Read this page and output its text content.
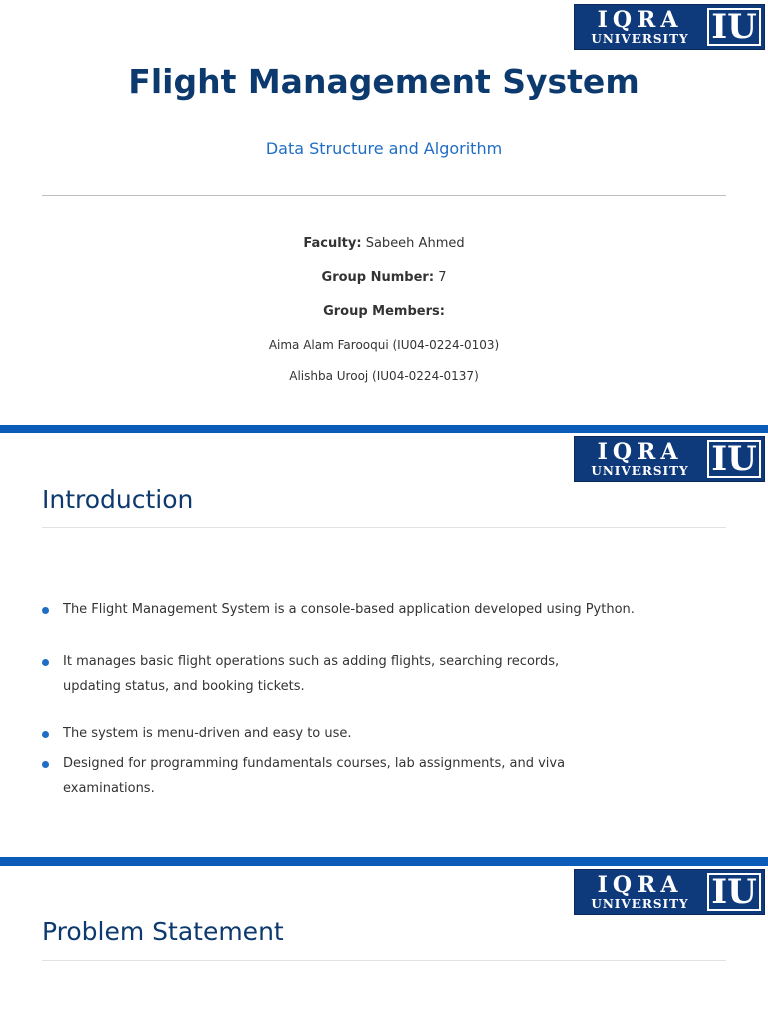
IQRA
UNIVERSITY IU
Flight Management System

Data Structure and Algorithm

Faculty: Sabeeh Ahmed
Group Number: 7
Group Members:
Aima Alam Farooqui (IU04-0224-0103)
Alishba Urooj (IU04-0224-0137)
IQRA
UNIVERSITY IU
Introduction
The Flight Management System is a console-based application developed using Python.
It manages basic flight operations such as adding flights, searching records, updating status, and booking tickets.
The system is menu-driven and easy to use.
Designed for programming fundamentals courses, lab assignments, and viva examinations.
IQRA
UNIVERSITY IU
Problem Statement
